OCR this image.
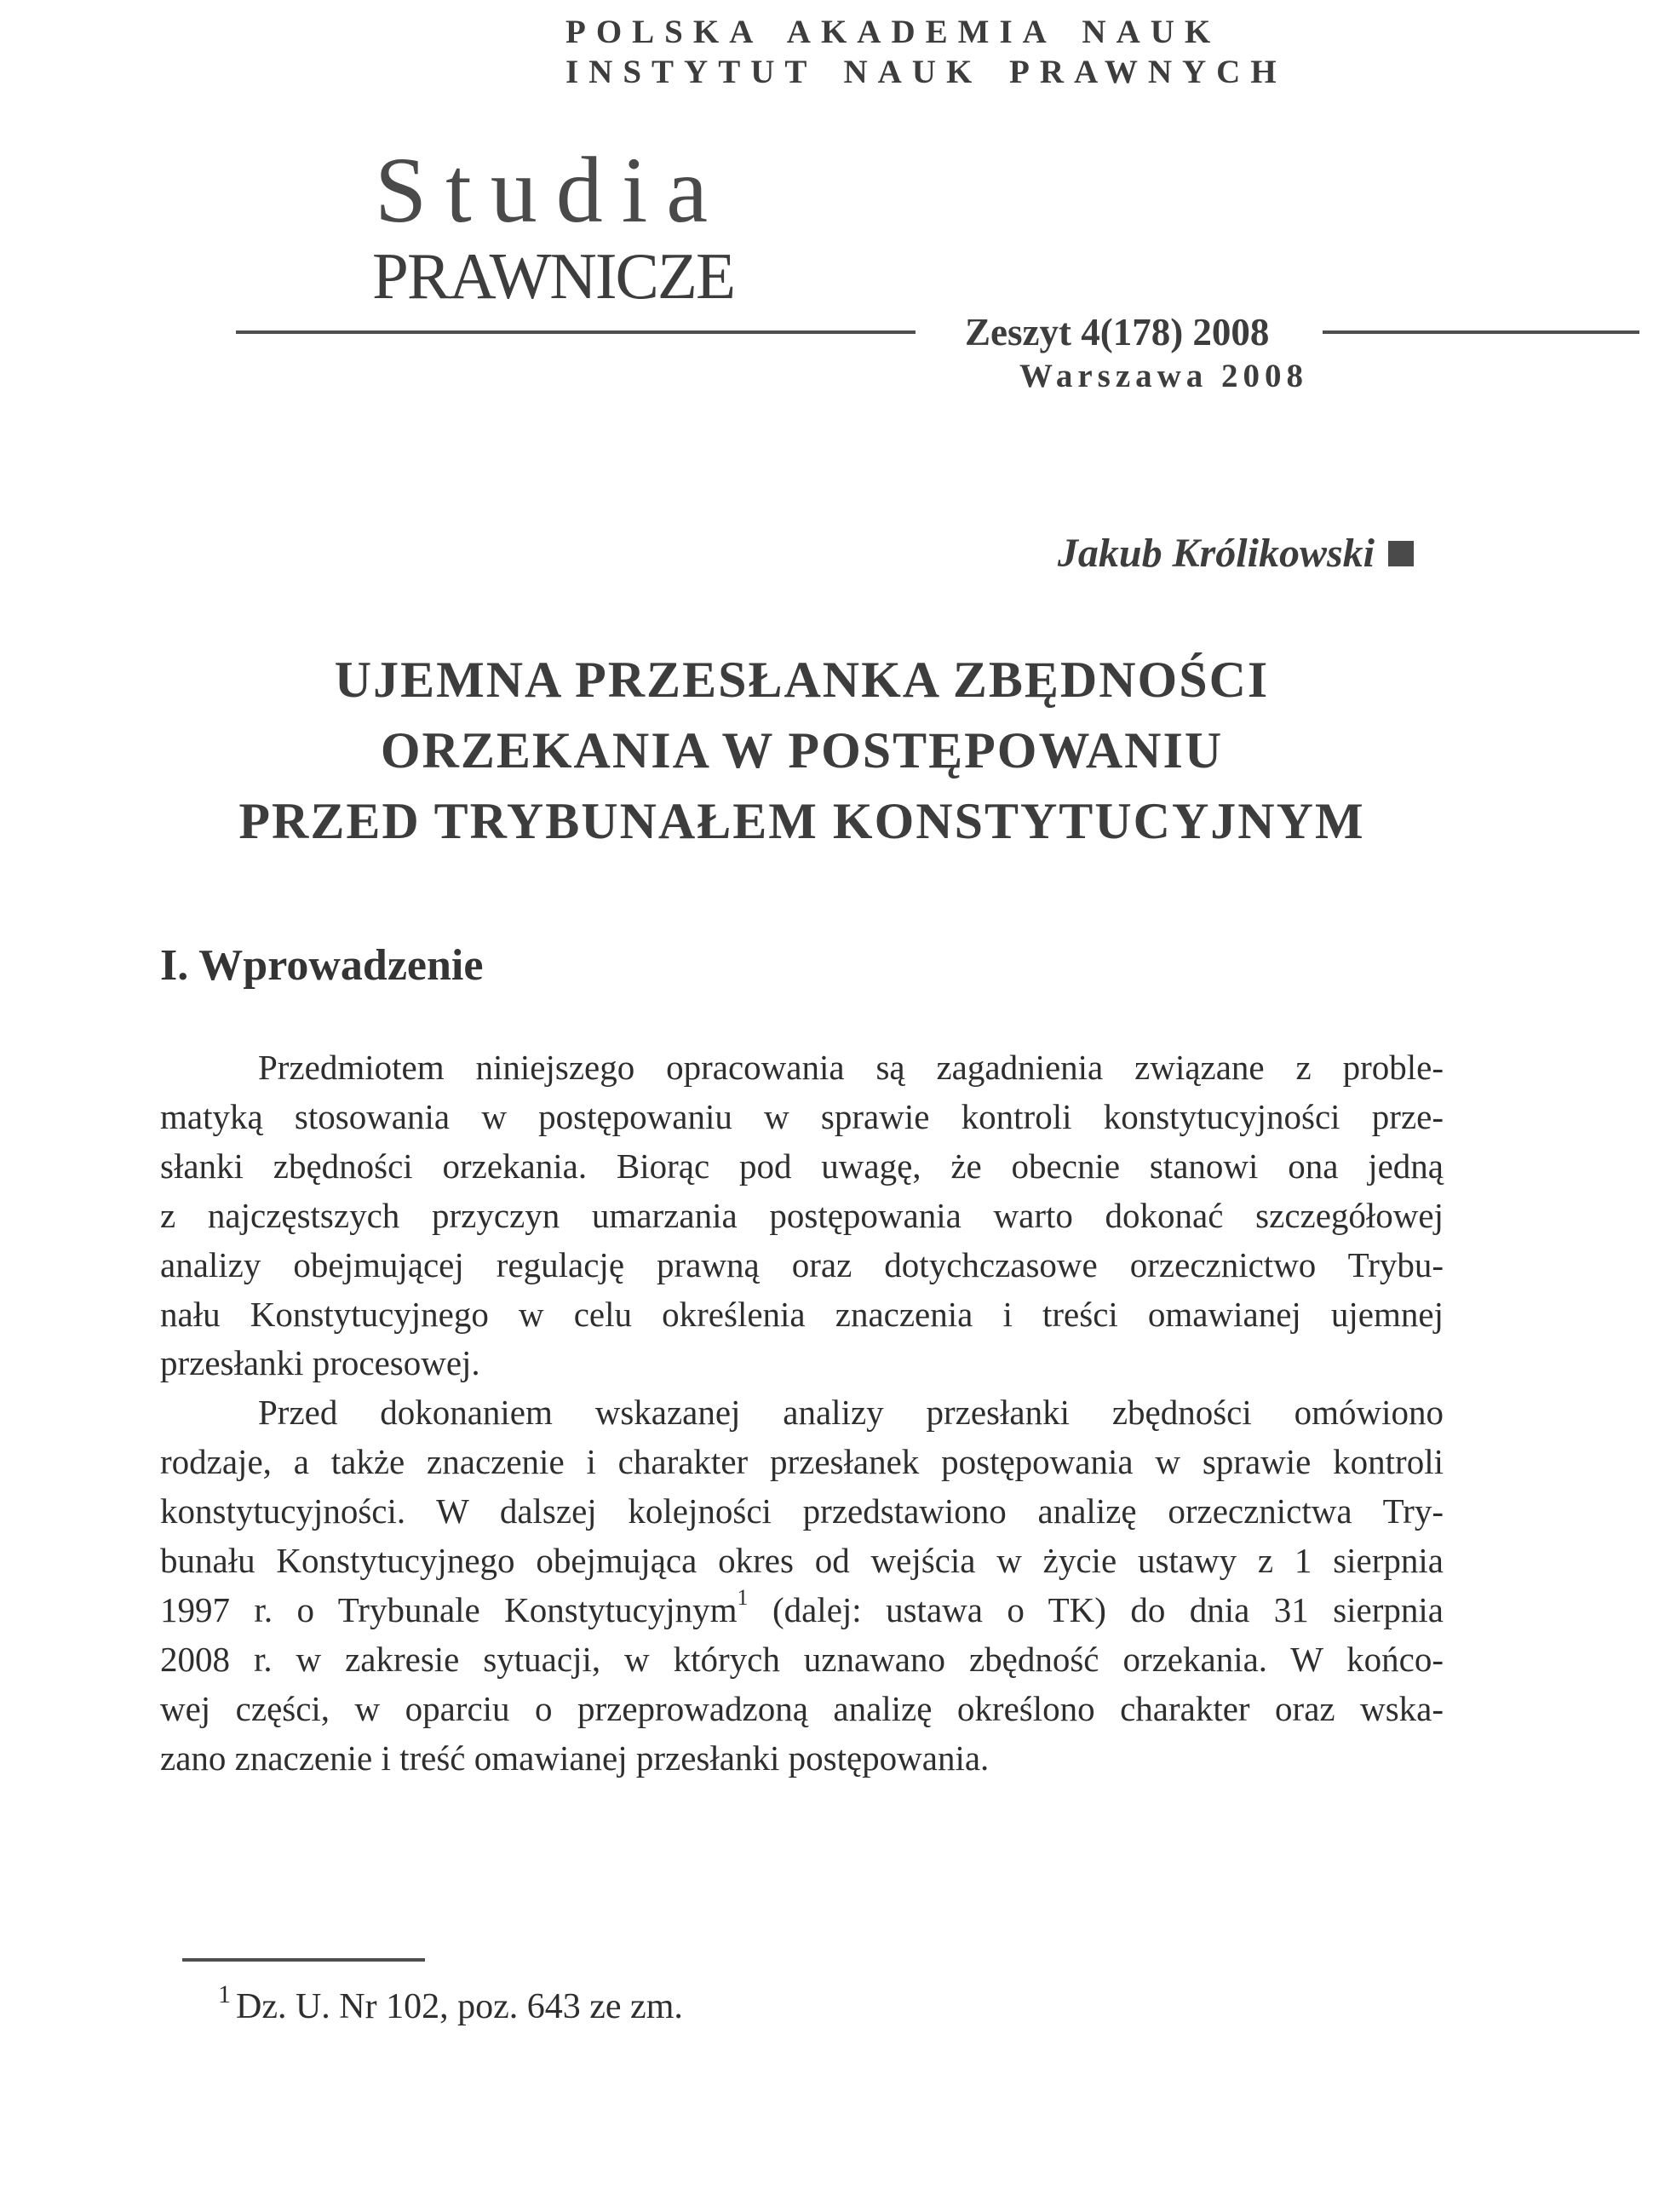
POLSKA AKADEMIA NAUK
INSTYTUT NAUK PRAWNYCH
Studia
PRAWNICZE
Zeszyt 4(178) 2008
Warszawa 2008
Jakub Królikowski
UJEMNA PRZESŁANKA ZBĘDNOŚCI
ORZEKANIA W POSTĘPOWANIU
PRZED TRYBUNAŁEM KONSTYTUCYJNYM
I. Wprowadzenie
Przedmiotem niniejszego opracowania są zagadnienia związane z proble-
matyką stosowania w postępowaniu w sprawie kontroli konstytucyjności prze-
słanki zbędności orzekania. Biorąc pod uwagę, że obecnie stanowi ona jedną
z najczęstszych przyczyn umarzania postępowania warto dokonać szczegółowej
analizy obejmującej regulację prawną oraz dotychczasowe orzecznictwo Trybu-
nału Konstytucyjnego w celu określenia znaczenia i treści omawianej ujemnej
przesłanki procesowej.
Przed dokonaniem wskazanej analizy przesłanki zbędności omówiono
rodzaje, a także znaczenie i charakter przesłanek postępowania w sprawie kontroli
konstytucyjności. W dalszej kolejności przedstawiono analizę orzecznictwa Try-
bunału Konstytucyjnego obejmująca okres od wejścia w życie ustawy z 1 sierpnia
1997 r. o Trybunale Konstytucyjnym$^1$ (dalej: ustawa o TK) do dnia 31 sierpnia
2008 r. w zakresie sytuacji, w których uznawano zbędność orzekania. W końco-
wej części, w oparciu o przeprowadzoną analizę określono charakter oraz wska-
zano znaczenie i treść omawianej przesłanki postępowania.
$^1$ Dz. U. Nr 102, poz. 643 ze zm.
